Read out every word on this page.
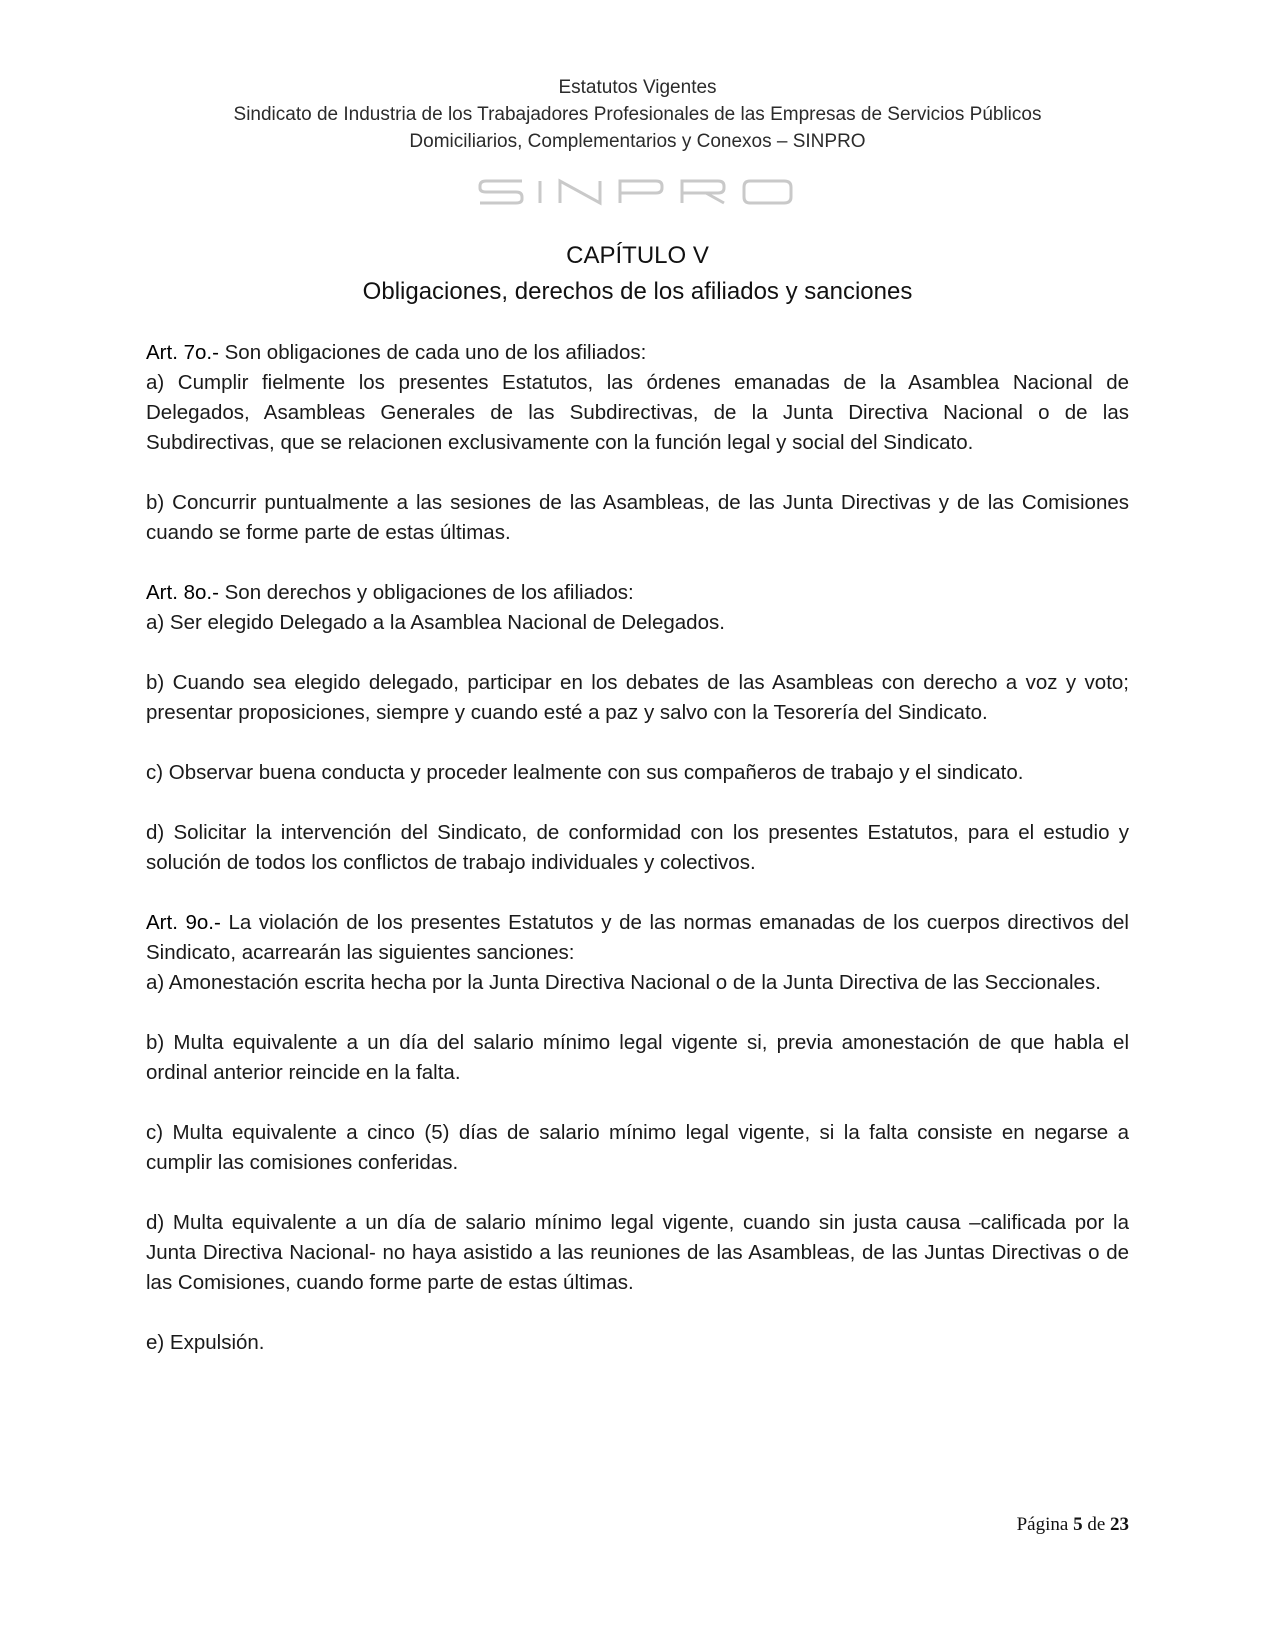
Estatutos Vigentes
Sindicato de Industria de los Trabajadores Profesionales de las Empresas de Servicios Públicos
Domiciliarios, Complementarios y Conexos – SINPRO
CAPÍTULO V
Obligaciones, derechos de los afiliados y sanciones

Art. 7o.- Son obligaciones de cada uno de los afiliados:

a) Cumplir fielmente los presentes Estatutos, las órdenes emanadas de la Asamblea Nacional de Delegados, Asambleas Generales de las Subdirectivas, de la Junta Directiva Nacional o de las Subdirectivas, que se relacionen exclusivamente con la función legal y social del Sindicato.

b) Concurrir puntualmente a las sesiones de las Asambleas, de las Junta Directivas y de las Comisiones cuando se forme parte de estas últimas.

Art. 8o.- Son derechos y obligaciones de los afiliados:

a) Ser elegido Delegado a la Asamblea Nacional de Delegados.

b) Cuando sea elegido delegado, participar en los debates de las Asambleas con derecho a voz y voto; presentar proposiciones, siempre y cuando esté a paz y salvo con la Tesorería del Sindicato.

c) Observar buena conducta y proceder lealmente con sus compañeros de trabajo y el sindicato.

d) Solicitar la intervención del Sindicato, de conformidad con los presentes Estatutos, para el estudio y solución de todos los conflictos de trabajo individuales y colectivos.

Art. 9o.- La violación de los presentes Estatutos y de las normas emanadas de los cuerpos directivos del Sindicato, acarrearán las siguientes sanciones:

a) Amonestación escrita hecha por la Junta Directiva Nacional o de la Junta Directiva de las Seccionales.

b) Multa equivalente a un día del salario mínimo legal vigente si, previa amonestación de que habla el ordinal anterior reincide en la falta.

c) Multa equivalente a cinco (5) días de salario mínimo legal vigente, si la falta consiste en negarse a cumplir las comisiones conferidas.

d) Multa equivalente a un día de salario mínimo legal vigente, cuando sin justa causa –calificada por la Junta Directiva Nacional- no haya asistido a las reuniones de las Asambleas, de las Juntas Directivas o de las Comisiones, cuando forme parte de estas últimas.

e) Expulsión.

Página 5 de 23
